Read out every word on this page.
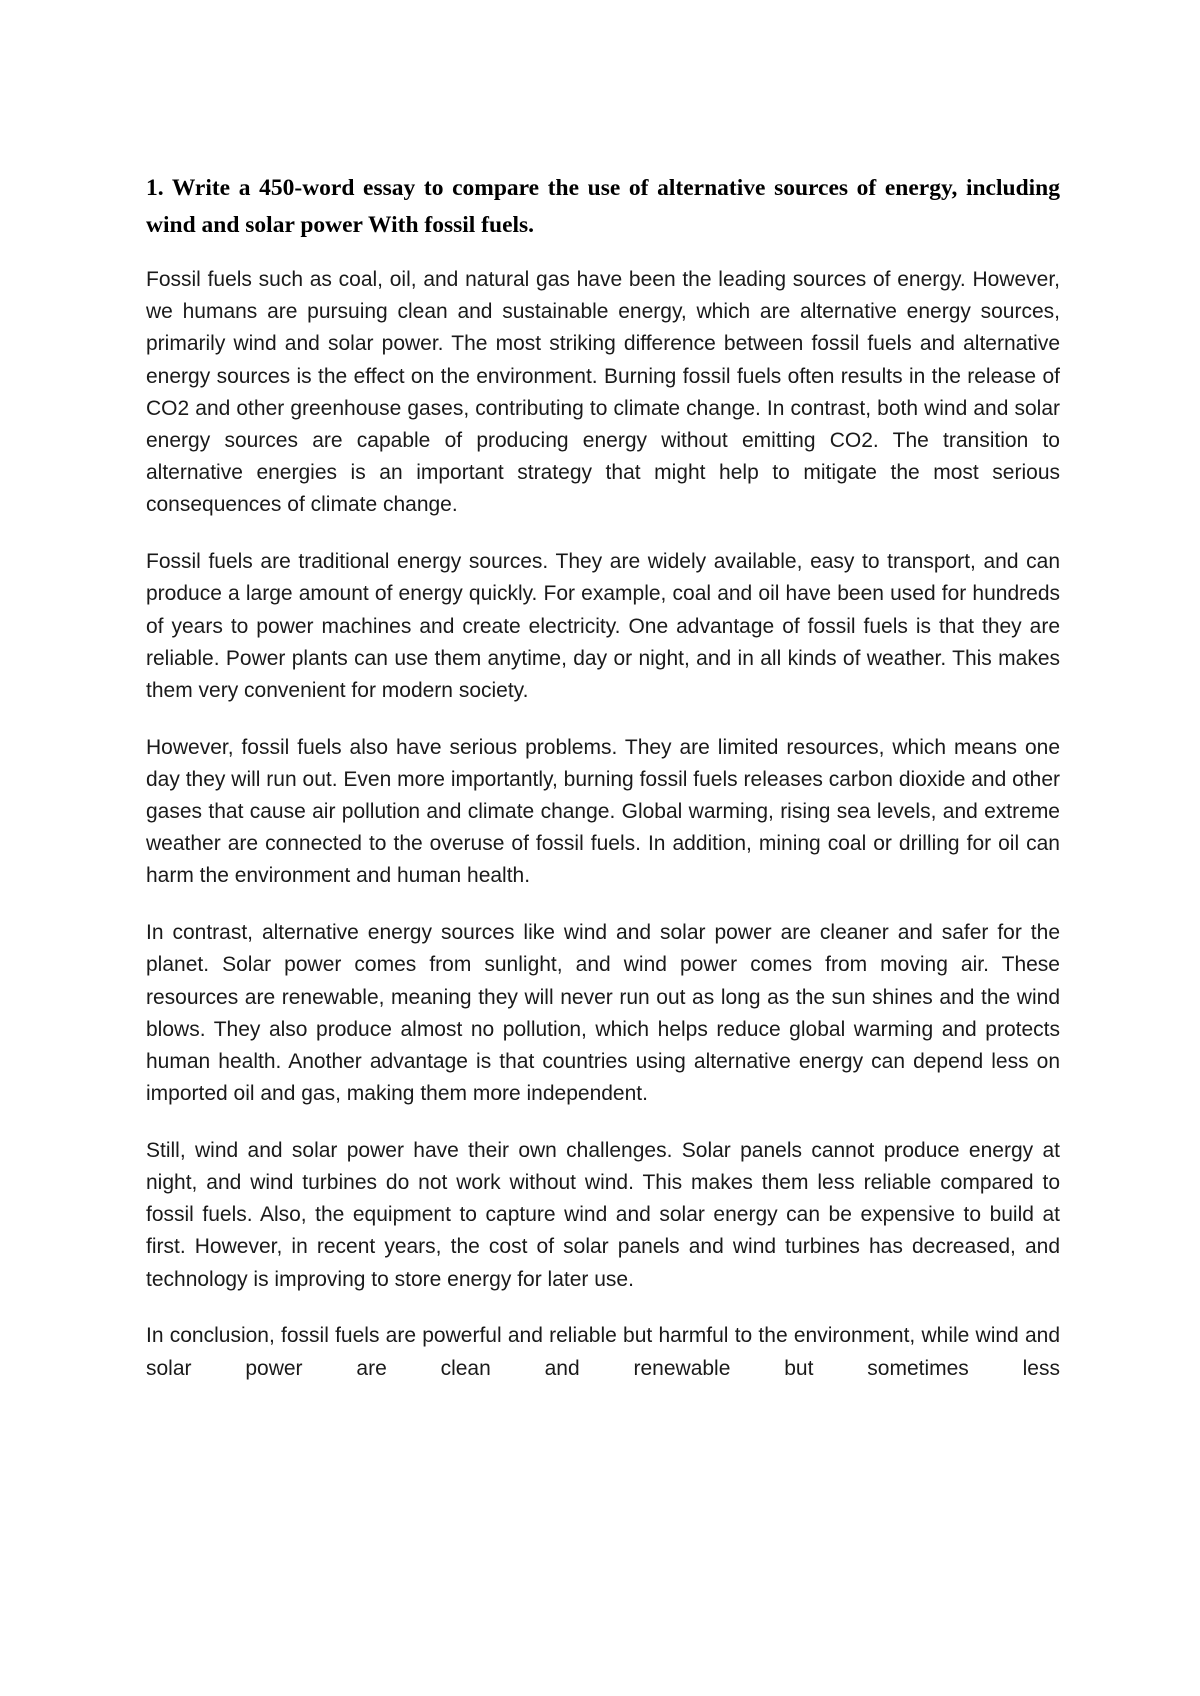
1. Write a 450-word essay to compare the use of alternative sources of energy, including wind and solar power With fossil fuels.

Fossil fuels such as coal, oil, and natural gas have been the leading sources of energy. However, we humans are pursuing clean and sustainable energy, which are alternative energy sources, primarily wind and solar power. The most striking difference between fossil fuels and alternative energy sources is the effect on the environment. Burning fossil fuels often results in the release of CO2 and other greenhouse gases, contributing to climate change. In contrast, both wind and solar energy sources are capable of producing energy without emitting CO2. The transition to alternative energies is an important strategy that might help to mitigate the most serious consequences of climate change.

Fossil fuels are traditional energy sources. They are widely available, easy to transport, and can produce a large amount of energy quickly. For example, coal and oil have been used for hundreds of years to power machines and create electricity. One advantage of fossil fuels is that they are reliable. Power plants can use them anytime, day or night, and in all kinds of weather. This makes them very convenient for modern society.

However, fossil fuels also have serious problems. They are limited resources, which means one day they will run out. Even more importantly, burning fossil fuels releases carbon dioxide and other gases that cause air pollution and climate change. Global warming, rising sea levels, and extreme weather are connected to the overuse of fossil fuels. In addition, mining coal or drilling for oil can harm the environment and human health.

In contrast, alternative energy sources like wind and solar power are cleaner and safer for the planet. Solar power comes from sunlight, and wind power comes from moving air. These resources are renewable, meaning they will never run out as long as the sun shines and the wind blows. They also produce almost no pollution, which helps reduce global warming and protects human health. Another advantage is that countries using alternative energy can depend less on imported oil and gas, making them more independent.

Still, wind and solar power have their own challenges. Solar panels cannot produce energy at night, and wind turbines do not work without wind. This makes them less reliable compared to fossil fuels. Also, the equipment to capture wind and solar energy can be expensive to build at first. However, in recent years, the cost of solar panels and wind turbines has decreased, and technology is improving to store energy for later use.

In conclusion, fossil fuels are powerful and reliable but harmful to the environment, while wind and solar power are clean and renewable but sometimes less
